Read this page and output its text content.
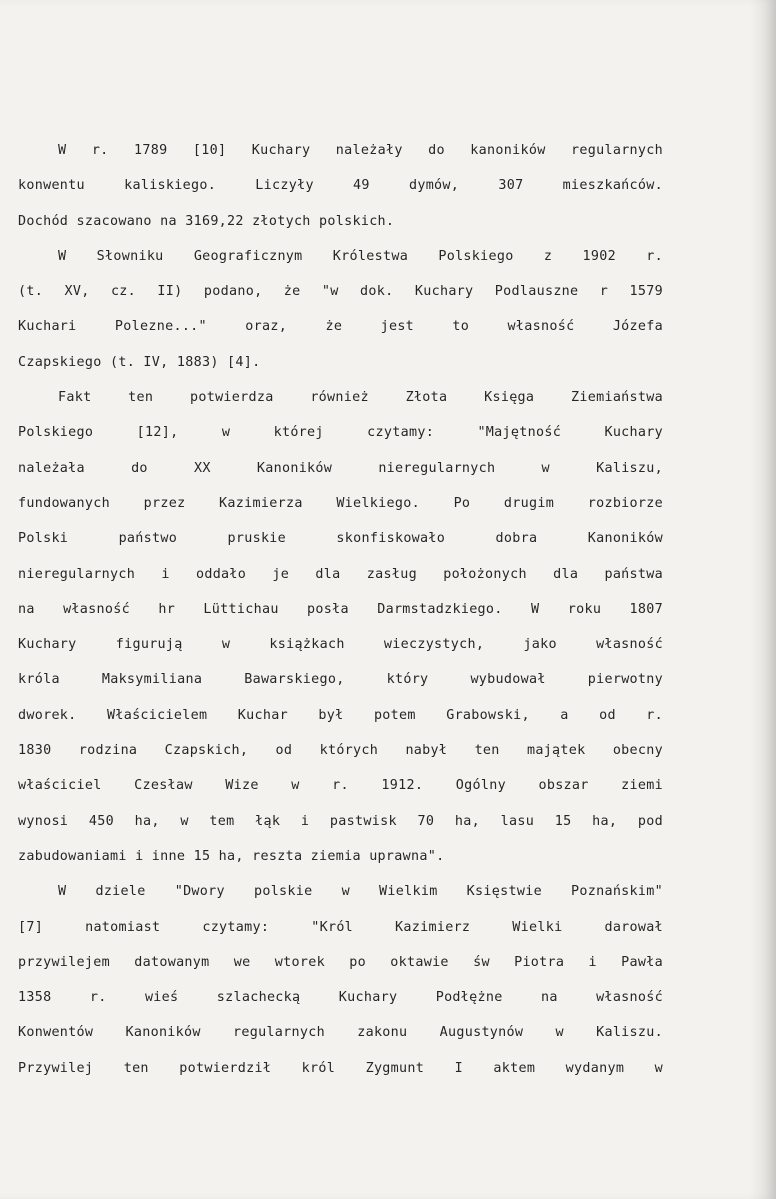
W r. 1789 [10] Kuchary należały do kanoników regularnych
konwentu kaliskiego. Liczyły 49 dymów, 307 mieszkańców.
Dochód szacowano na 3169,22 złotych polskich.
W Słowniku Geograficznym Królestwa Polskiego z 1902 r.
(t. XV, cz. II) podano, że "w dok. Kuchary Podlauszne r 1579
Kuchari Polezne..." oraz, że jest to własność Józefa
Czapskiego (t. IV, 1883) [4].
Fakt ten potwierdza również Złota Księga Ziemiaństwa
Polskiego [12], w której czytamy: "Majętność Kuchary
należała do XX Kanoników nieregularnych w Kaliszu,
fundowanych przez Kazimierza Wielkiego. Po drugim rozbiorze
Polski państwo pruskie skonfiskowało dobra Kanoników
nieregularnych i oddało je dla zasług położonych dla państwa
na własność hr Lüttichau posła Darmstadzkiego. W roku 1807
Kuchary figurują w książkach wieczystych, jako własność
króla Maksymiliana Bawarskiego, który wybudował pierwotny
dworek. Właścicielem Kuchar był potem Grabowski, a od r.
1830 rodzina Czapskich, od których nabył ten majątek obecny
właściciel Czesław Wize w r. 1912. Ogólny obszar ziemi
wynosi 450 ha, w tem łąk i pastwisk 70 ha, lasu 15 ha, pod
zabudowaniami i inne 15 ha, reszta ziemia uprawna".
W dziele "Dwory polskie w Wielkim Księstwie Poznańskim"
[7] natomiast czytamy: "Król Kazimierz Wielki darował
przywilejem datowanym we wtorek po oktawie św Piotra i Pawła
1358 r. wieś szlachecką Kuchary Podłężne na własność
Konwentów Kanoników regularnych zakonu Augustynów w Kaliszu.
Przywilej ten potwierdził król Zygmunt I aktem wydanym w
